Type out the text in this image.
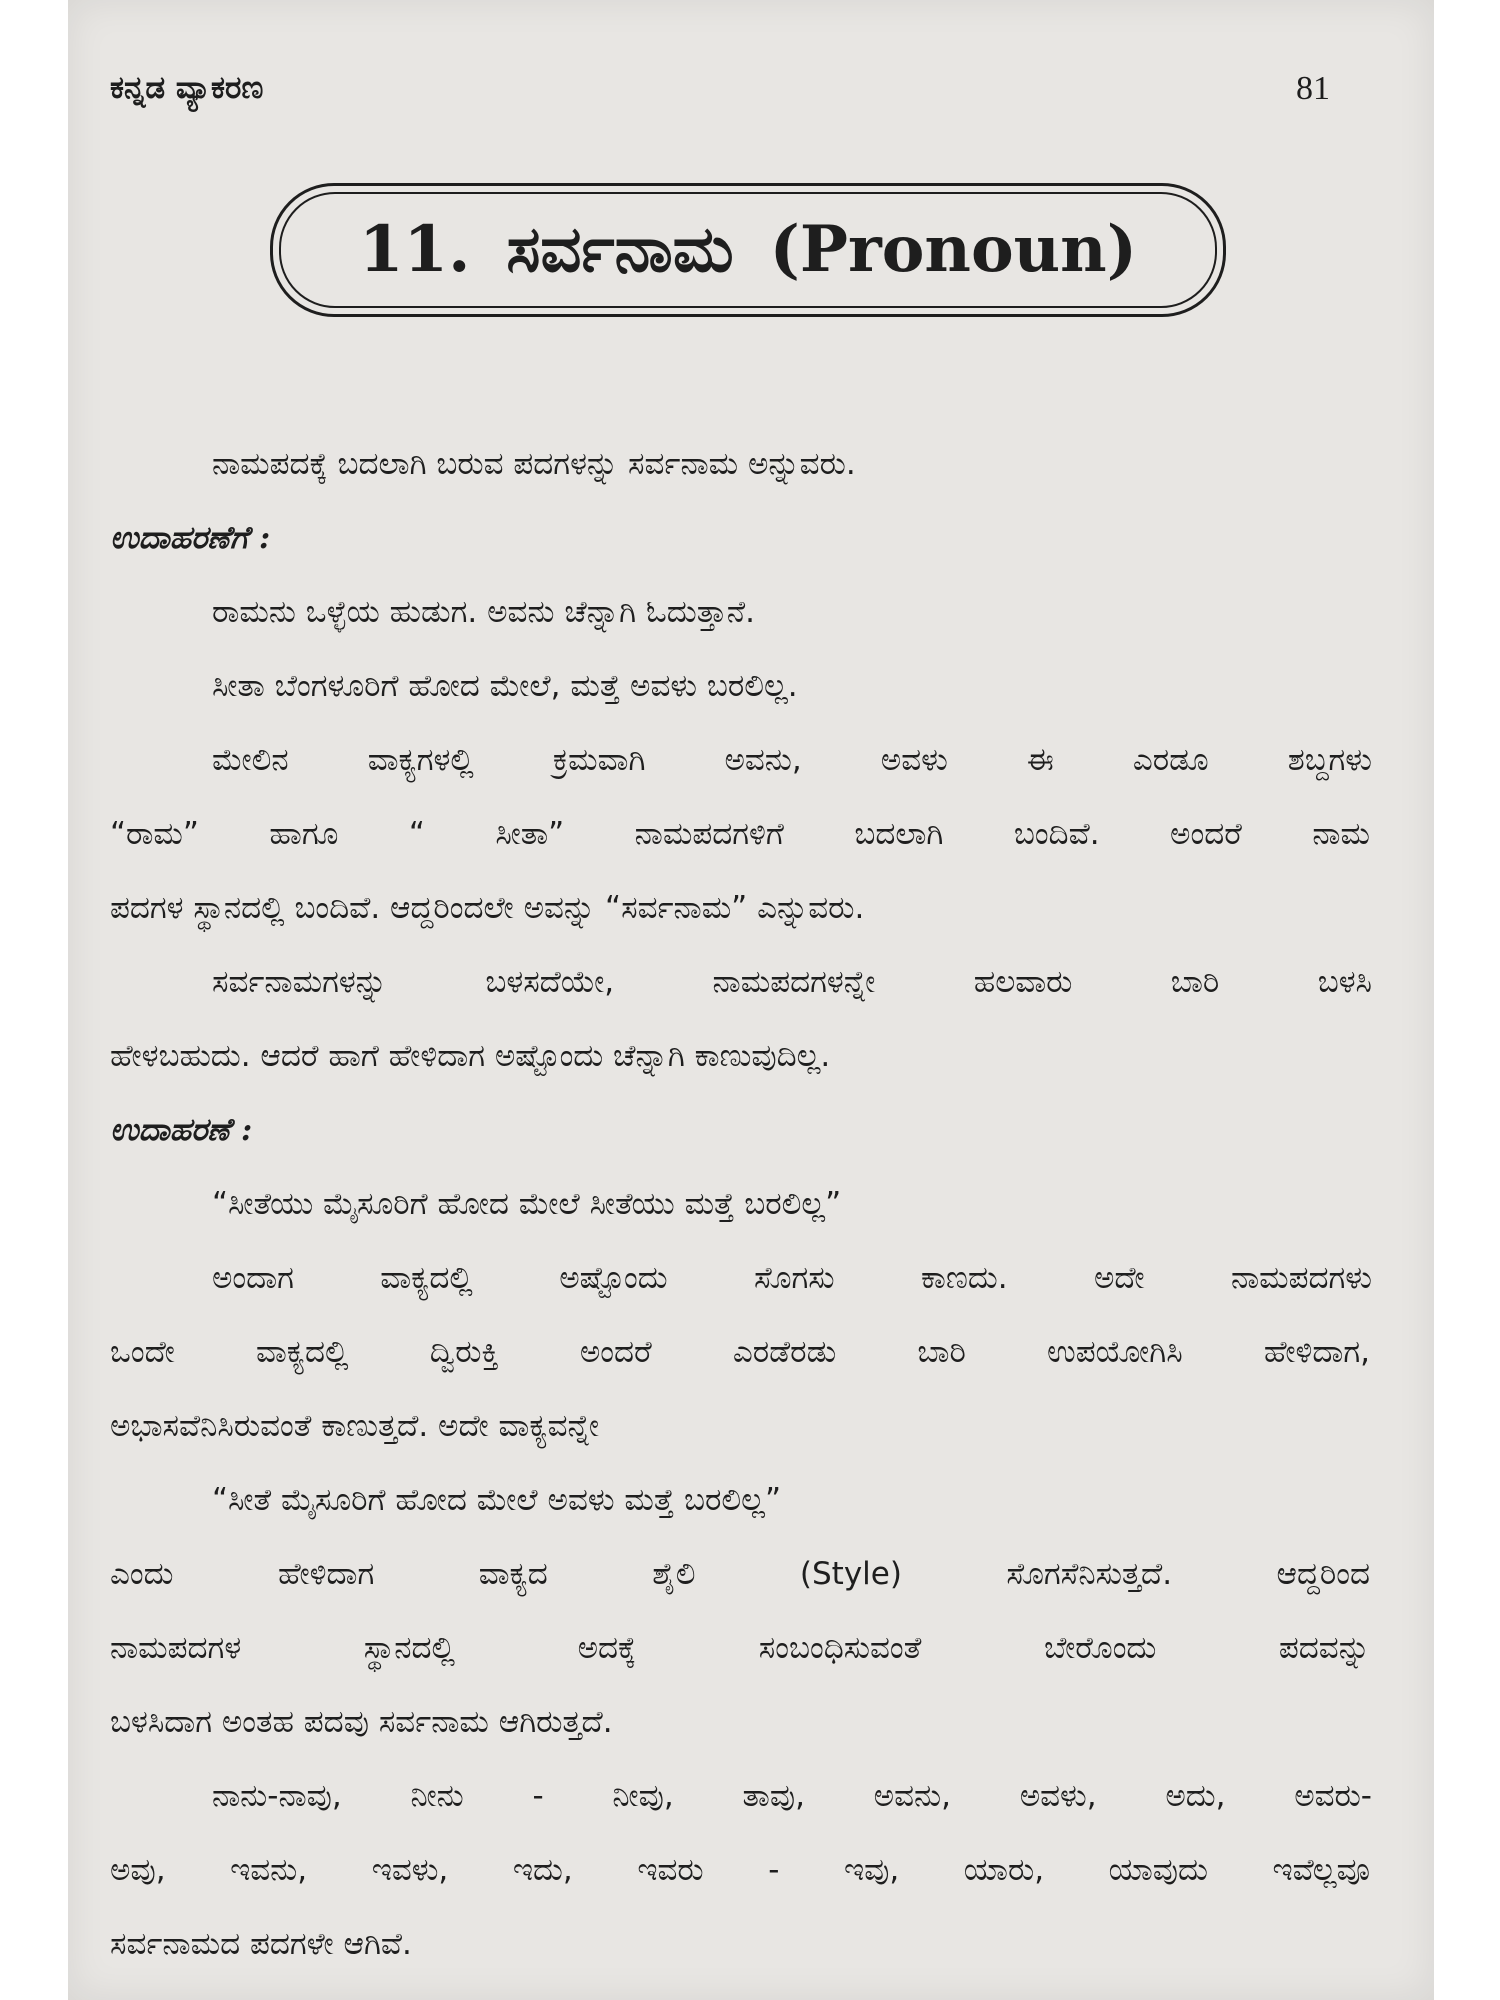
ಕನ್ನಡ ವ್ಯಾಕರಣ	81
11. ಸರ್ವನಾಮ (Pronoun)
ನಾಮಪದಕ್ಕೆ ಬದಲಾಗಿ ಬರುವ ಪದಗಳನ್ನು ಸರ್ವನಾಮ ಅನ್ನುವರು.
ಉದಾಹರಣೆಗೆ :
ರಾಮನು ಒಳ್ಳೆಯ ಹುಡುಗ. ಅವನು ಚೆನ್ನಾಗಿ ಓದುತ್ತಾನೆ.
ಸೀತಾ ಬೆಂಗಳೂರಿಗೆ ಹೋದ ಮೇಲೆ, ಮತ್ತೆ ಅವಳು ಬರಲಿಲ್ಲ.
ಮೇಲಿನ ವಾಕ್ಯಗಳಲ್ಲಿ ಕ್ರಮವಾಗಿ ಅವನು, ಅವಳು ಈ ಎರಡೂ ಶಬ್ದಗಳು
“ರಾಮ” ಹಾಗೂ “ ಸೀತಾ” ನಾಮಪದಗಳಿಗೆ ಬದಲಾಗಿ ಬಂದಿವೆ. ಅಂದರೆ ನಾಮ
ಪದಗಳ ಸ್ಥಾನದಲ್ಲಿ ಬಂದಿವೆ. ಆದ್ದರಿಂದಲೇ ಅವನ್ನು “ಸರ್ವನಾಮ” ಎನ್ನುವರು.
ಸರ್ವನಾಮಗಳನ್ನು ಬಳಸದೆಯೇ, ನಾಮಪದಗಳನ್ನೇ ಹಲವಾರು ಬಾರಿ ಬಳಸಿ
ಹೇಳಬಹುದು. ಆದರೆ ಹಾಗೆ ಹೇಳಿದಾಗ ಅಷ್ಟೊಂದು ಚೆನ್ನಾಗಿ ಕಾಣುವುದಿಲ್ಲ.
ಉದಾಹರಣೆ :
“ಸೀತೆಯು ಮೈಸೂರಿಗೆ ಹೋದ ಮೇಲೆ ಸೀತೆಯು ಮತ್ತೆ ಬರಲಿಲ್ಲ”
ಅಂದಾಗ ವಾಕ್ಯದಲ್ಲಿ ಅಷ್ಟೊಂದು ಸೊಗಸು ಕಾಣದು. ಅದೇ ನಾಮಪದಗಳು
ಒಂದೇ ವಾಕ್ಯದಲ್ಲಿ ದ್ವಿರುಕ್ತಿ ಅಂದರೆ ಎರಡೆರಡು ಬಾರಿ ಉಪಯೋಗಿಸಿ ಹೇಳಿದಾಗ,
ಅಭಾಸವೆನಿಸಿರುವಂತೆ ಕಾಣುತ್ತದೆ. ಅದೇ ವಾಕ್ಯವನ್ನೇ
“ಸೀತೆ ಮೈಸೂರಿಗೆ ಹೋದ ಮೇಲೆ ಅವಳು ಮತ್ತೆ ಬರಲಿಲ್ಲ”
ಎಂದು ಹೇಳಿದಾಗ ವಾಕ್ಯದ ಶೈಲಿ (Style) ಸೊಗಸೆನಿಸುತ್ತದೆ. ಆದ್ದರಿಂದ
ನಾಮಪದಗಳ ಸ್ಥಾನದಲ್ಲಿ ಅದಕ್ಕೆ ಸಂಬಂಧಿಸುವಂತೆ ಬೇರೊಂದು ಪದವನ್ನು
ಬಳಸಿದಾಗ ಅಂತಹ ಪದವು ಸರ್ವನಾಮ ಆಗಿರುತ್ತದೆ.
ನಾನು-ನಾವು, ನೀನು - ನೀವು, ತಾವು, ಅವನು, ಅವಳು, ಅದು, ಅವರು-
ಅವು, ಇವನು, ಇವಳು, ಇದು, ಇವರು - ಇವು, ಯಾರು, ಯಾವುದು ಇವೆಲ್ಲವೂ
ಸರ್ವನಾಮದ ಪದಗಳೇ ಆಗಿವೆ.
